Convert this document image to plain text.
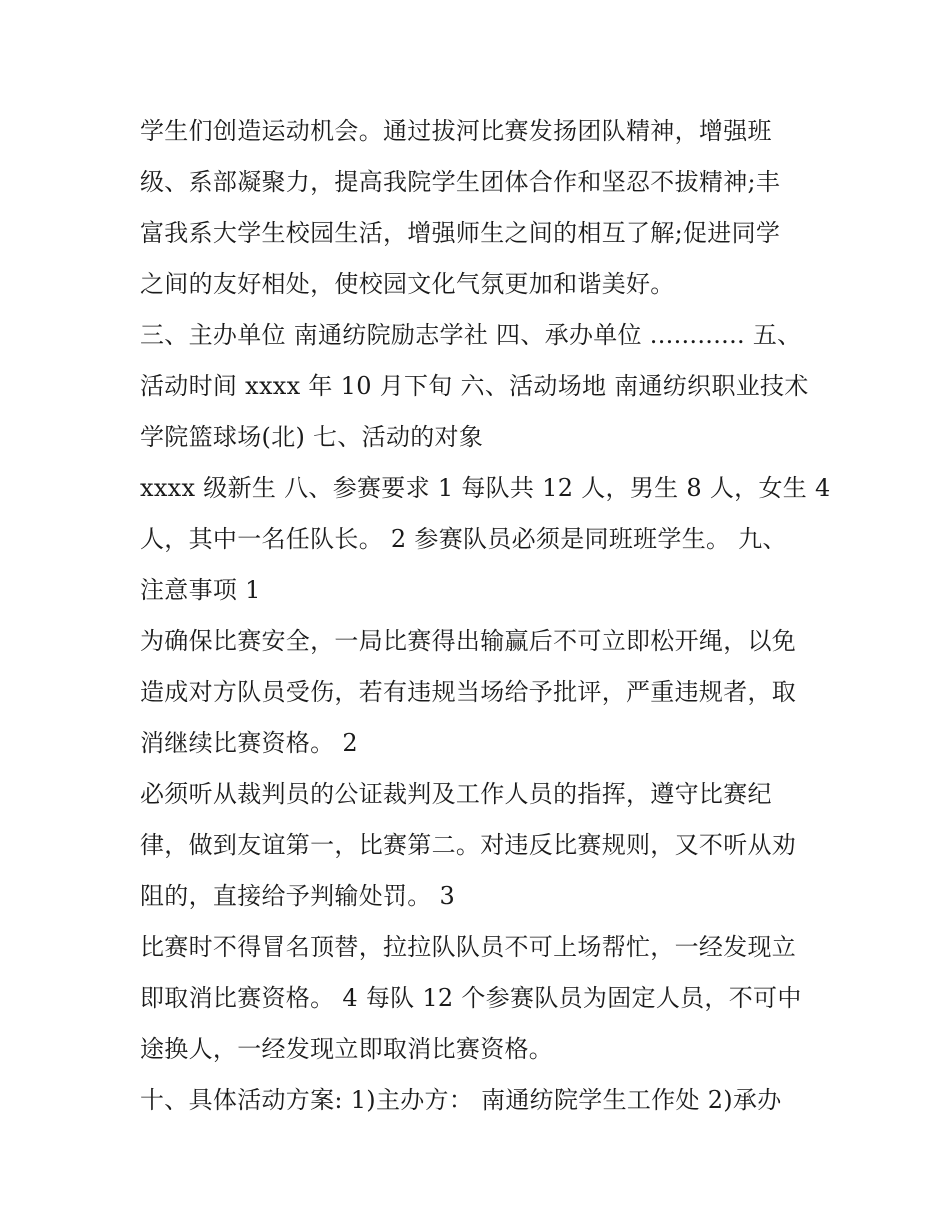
学生们创造运动机会。通过拔河比赛发扬团队精神，增强班
级、系部凝聚力，提高我院学生团体合作和坚忍不拔精神;丰
富我系大学生校园生活，增强师生之间的相互了解;促进同学
之间的友好相处，使校园文化气氛更加和谐美好。
三、主办单位 南通纺院励志学社 四、承办单位 ............ 五、
活动时间 xxxx 年 10 月下旬 六、活动场地 南通纺织职业技术
学院篮球场(北) 七、活动的对象
xxxx 级新生 八、参赛要求 1 每队共 12 人，男生 8 人，女生 4
人，其中一名任队长。 2 参赛队员必须是同班班学生。 九、
注意事项 1
为确保比赛安全，一局比赛得出输赢后不可立即松开绳，以免
造成对方队员受伤，若有违规当场给予批评，严重违规者，取
消继续比赛资格。 2
必须听从裁判员的公证裁判及工作人员的指挥，遵守比赛纪
律，做到友谊第一，比赛第二。对违反比赛规则，又不听从劝
阻的，直接给予判输处罚。 3
比赛时不得冒名顶替，拉拉队队员不可上场帮忙，一经发现立
即取消比赛资格。 4 每队 12 个参赛队员为固定人员，不可中
途换人，一经发现立即取消比赛资格。
十、具体活动方案: 1)主办方： 南通纺院学生工作处 2)承办
